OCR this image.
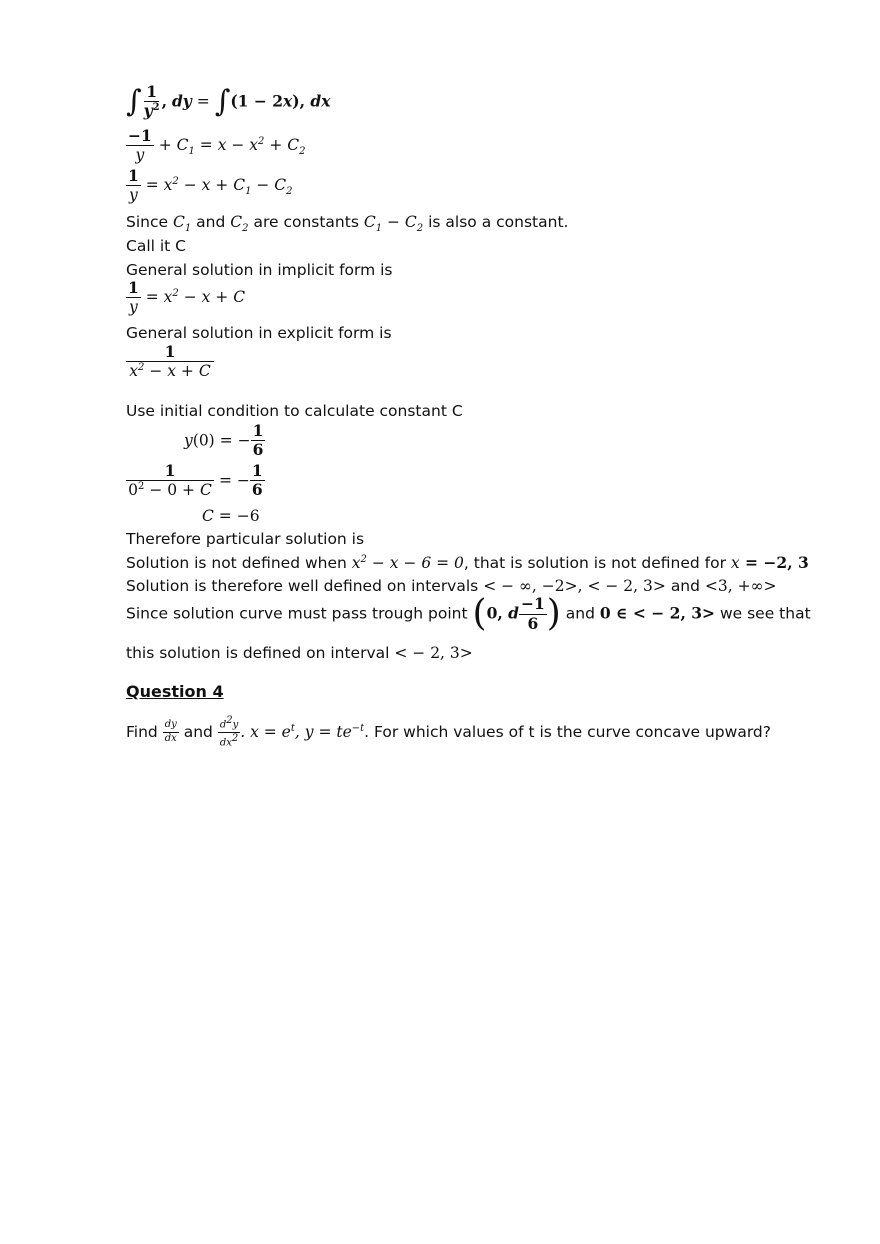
∫ $\frac{1}{y^2}$ , dy = ∫(1 − 2x), dx
$\frac{-1}{y} + C_1 = x - x^2 + C_2$
$\frac{1}{y} = x^2 - x + C_1 - C_2$
Since $C_1$ and $C_2$ are constants $C_1 - C_2$ is also a constant.
Call it C
General solution in implicit form is
$\frac{1}{y} = x^2 - x + C$
General solution in explicit form is
$\frac{1}{x^2 - x + C}$
Use initial condition to calculate constant C
y(0) = − $\frac{1}{6}$
$\frac{1}{0^2 - 0 + C}$ = − $\frac{1}{6}$
C = −6
Therefore particular solution is
Solution is not defined when $x^2 - x - 6 = 0$, that is solution is not defined for x = −2, 3
Solution is therefore well defined on intervals < − ∞, −2>, < − 2, 3> and <3, +∞>
Since solution curve must pass trough point (0, d $\frac{-1}{6}$ ) and 0 ∈ < − 2, 3> we see that
this solution is defined on interval < − 2, 3>
Question 4
Find $\frac{dy}{dx}$ and $\frac{d^2y}{dx^2}$ . $x = e^t$, $y = te^{-t}$. For which values of t is the curve concave upward?
